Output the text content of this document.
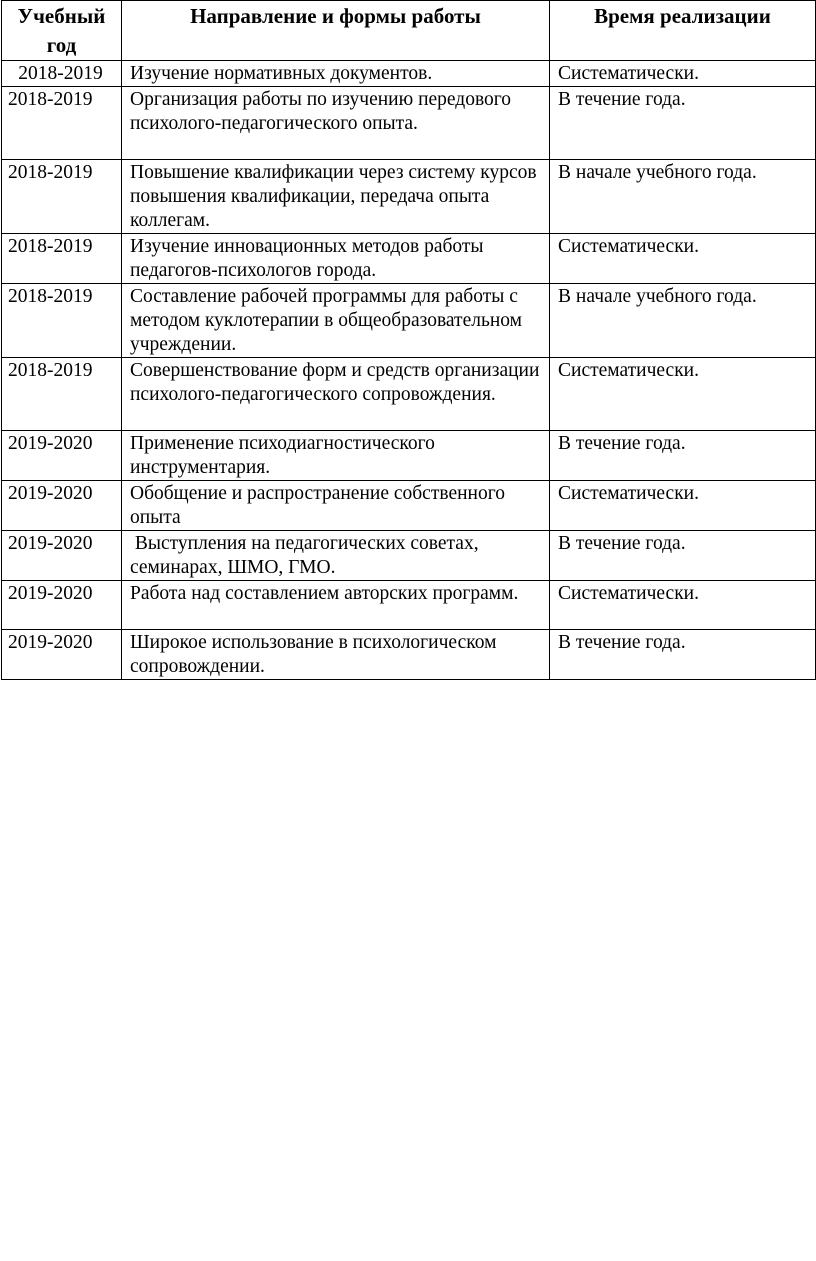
Учебный год	Направление и формы работы	Время реализации
2018-2019	Изучение нормативных документов.	Систематически.
2018-2019	Организация работы по изучению передового психолого-педагогического опыта.	В течение года.
2018-2019	Повышение квалификации через систему курсов повышения квалификации, передача опыта коллегам.	В начале учебного года.
2018-2019	Изучение инновационных методов работы педагогов-психологов города.	Систематически.
2018-2019	Составление рабочей программы для работы с методом куклотерапии в общеобразовательном учреждении.	В начале учебного года.
2018-2019	Совершенствование форм и средств организации психолого-педагогического сопровождения.	Систематически.
2019-2020	Применение психодиагностического инструментария.	В течение года.
2019-2020	Обобщение и распространение собственного опыта	Систематически.
2019-2020	Выступления на педагогических советах, семинарах, ШМО, ГМО.	В течение года.
2019-2020	Работа над составлением авторских программ.	Систематически.
2019-2020	Широкое использование в психологическом сопровождении.	В течение года.
